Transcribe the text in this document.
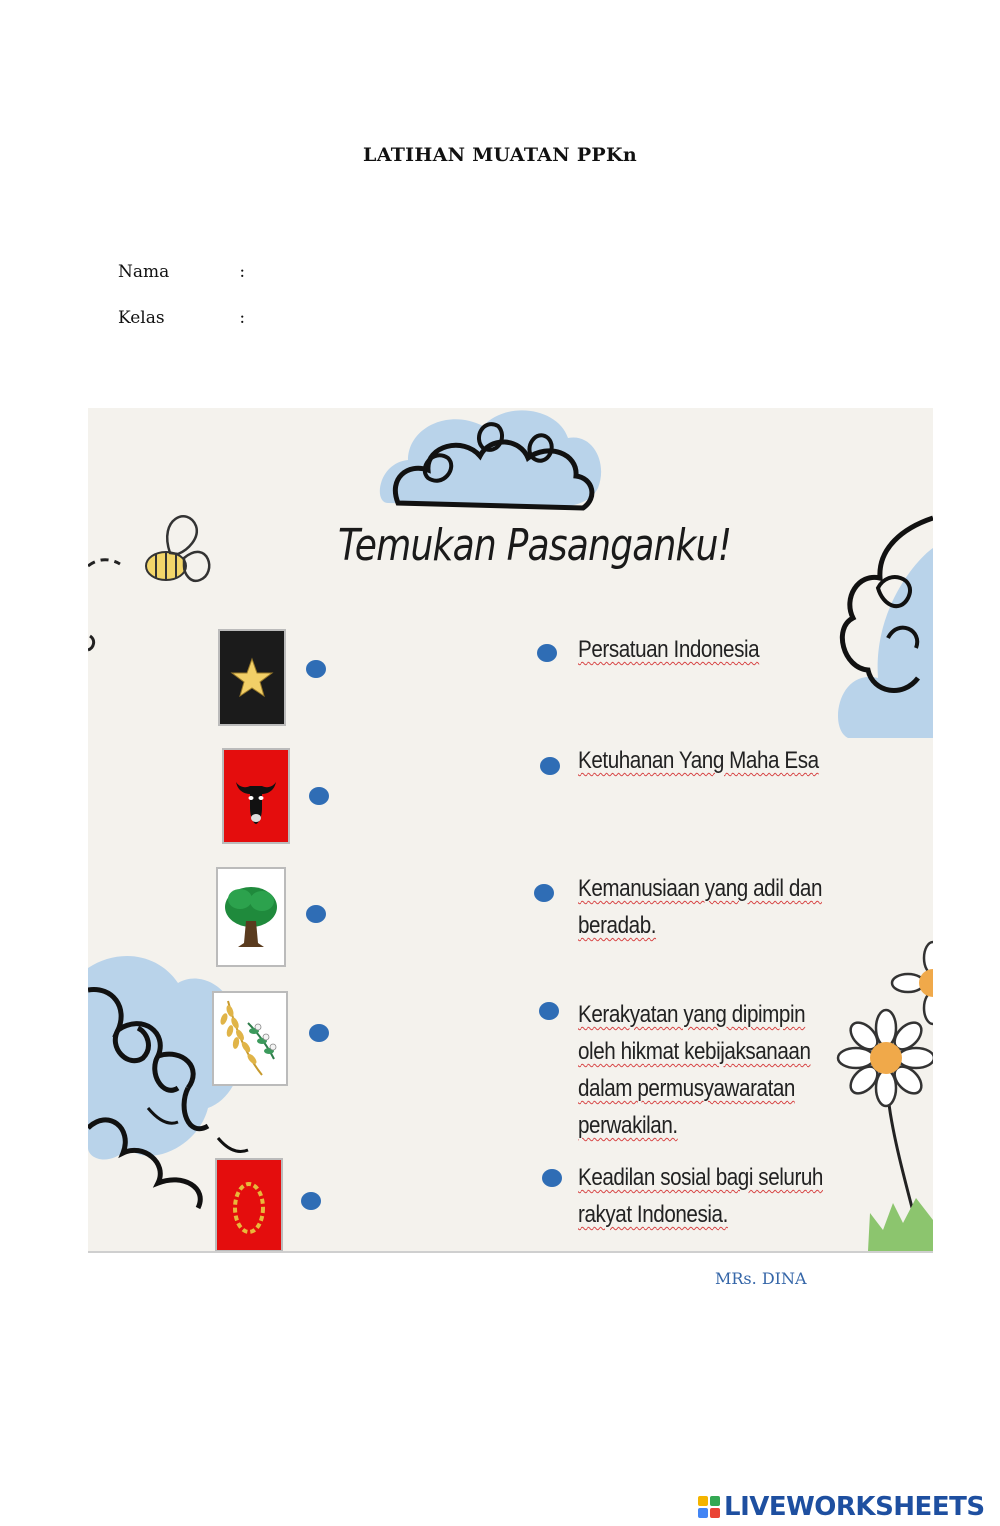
LATIHAN MUATAN PPKn
Nama	:
Kelas	:
Temukan Pasanganku!
Persatuan Indonesia
Ketuhanan Yang Maha Esa
Kemanusiaan yang adil dan
beradab.
Kerakyatan yang dipimpin
oleh hikmat kebijaksanaan
dalam permusyawaratan
perwakilan.
Keadilan sosial bagi seluruh
rakyat Indonesia.
MRs. DINA
LIVEWORKSHEETS
